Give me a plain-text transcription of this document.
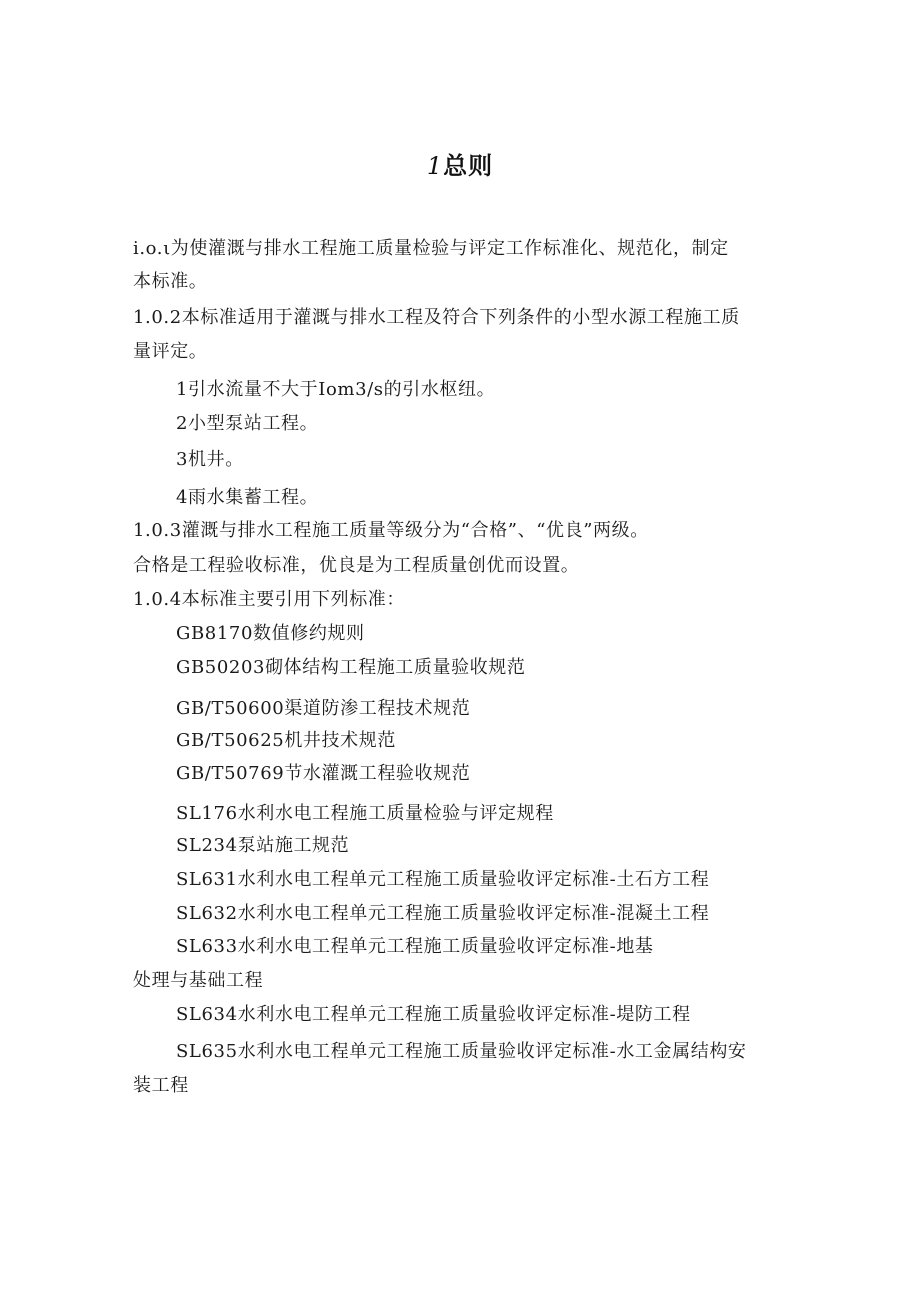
1总则
i.o.ι为使灌溉与排水工程施工质量检验与评定工作标准化、规范化，制定
本标准。
1.0.2本标准适用于灌溉与排水工程及符合下列条件的小型水源工程施工质
量评定。
1引水流量不大于Iom3/s的引水枢纽。
2小型泵站工程。
3机井。
4雨水集蓄工程。
1.0.3灌溉与排水工程施工质量等级分为“合格”、“优良”两级。
合格是工程验收标准，优良是为工程质量创优而设置。
1.0.4本标准主要引用下列标准：
GB8170数值修约规则
GB50203砌体结构工程施工质量验收规范
GB/T50600渠道防渗工程技术规范
GB/T50625机井技术规范
GB/T50769节水灌溉工程验收规范
SL176水利水电工程施工质量检验与评定规程
SL234泵站施工规范
SL631水利水电工程单元工程施工质量验收评定标准-土石方工程
SL632水利水电工程单元工程施工质量验收评定标准-混凝土工程
SL633水利水电工程单元工程施工质量验收评定标准-地基
处理与基础工程
SL634水利水电工程单元工程施工质量验收评定标准-堤防工程
SL635水利水电工程单元工程施工质量验收评定标准-水工金属结构安
装工程
